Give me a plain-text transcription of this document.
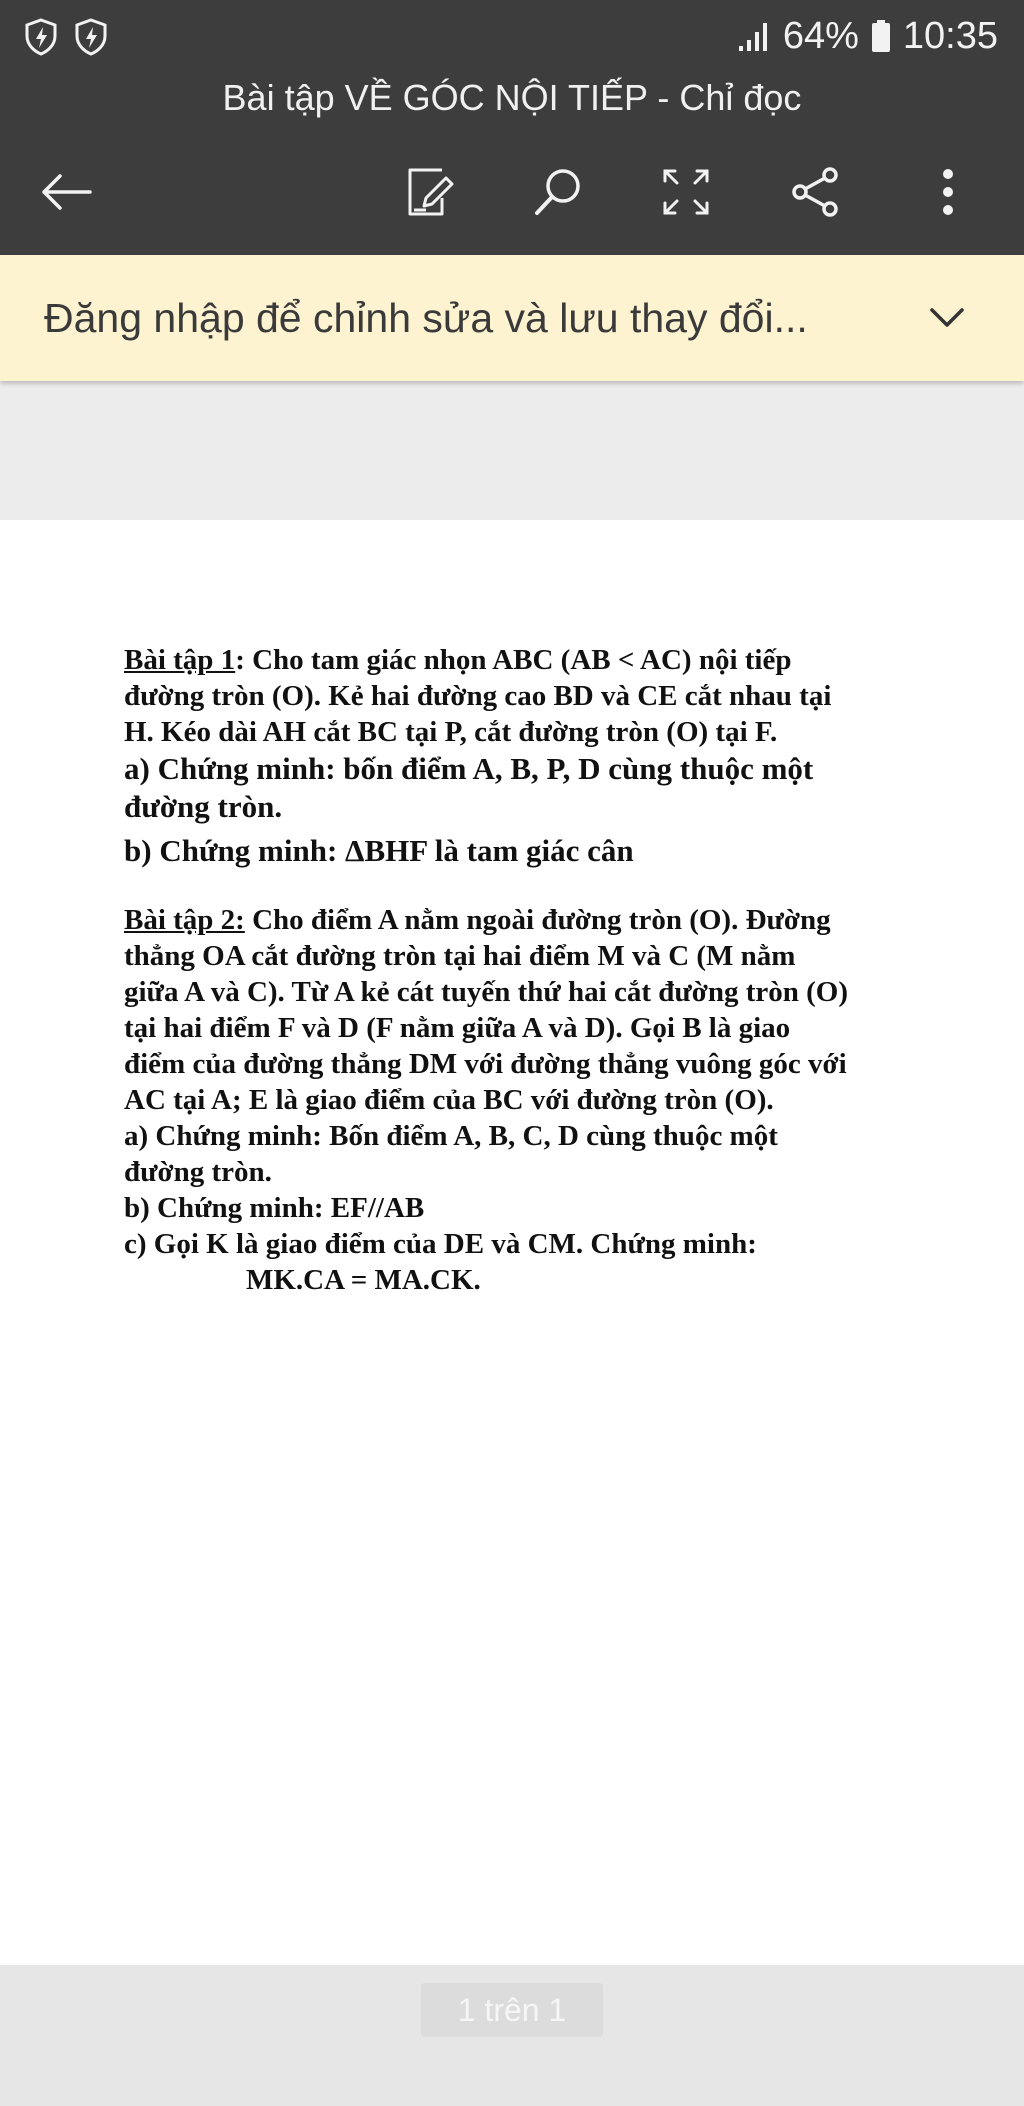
64% 10:35
Bài tập VỀ GÓC NỘI TIẾP - Chỉ đọc
Đăng nhập để chỉnh sửa và lưu thay đổi...

Bài tập 1: Cho tam giác nhọn ABC (AB < AC) nội tiếp

đường tròn (O). Kẻ hai đường cao BD và CE cắt nhau tại

H. Kéo dài AH cắt BC tại P, cắt đường tròn (O) tại F.

a) Chứng minh: bốn điểm A, B, P, D cùng thuộc một

đường tròn.

b) Chứng minh: ΔBHF là tam giác cân

Bài tập 2: Cho điểm A nằm ngoài đường tròn (O). Đường

thẳng OA cắt đường tròn tại hai điểm M và C (M nằm

giữa A và C). Từ A kẻ cát tuyến thứ hai cắt đường tròn (O)

tại hai điểm F và D (F nằm giữa A và D). Gọi B là giao

điểm của đường thẳng DM với đường thẳng vuông góc với

AC tại A; E là giao điểm của BC với đường tròn (O).

a) Chứng minh: Bốn điểm A, B, C, D cùng thuộc một

đường tròn.

b) Chứng minh: EF//AB

c) Gọi K là giao điểm của DE và CM. Chứng minh:

MK.CA = MA.CK.

1 trên 1
